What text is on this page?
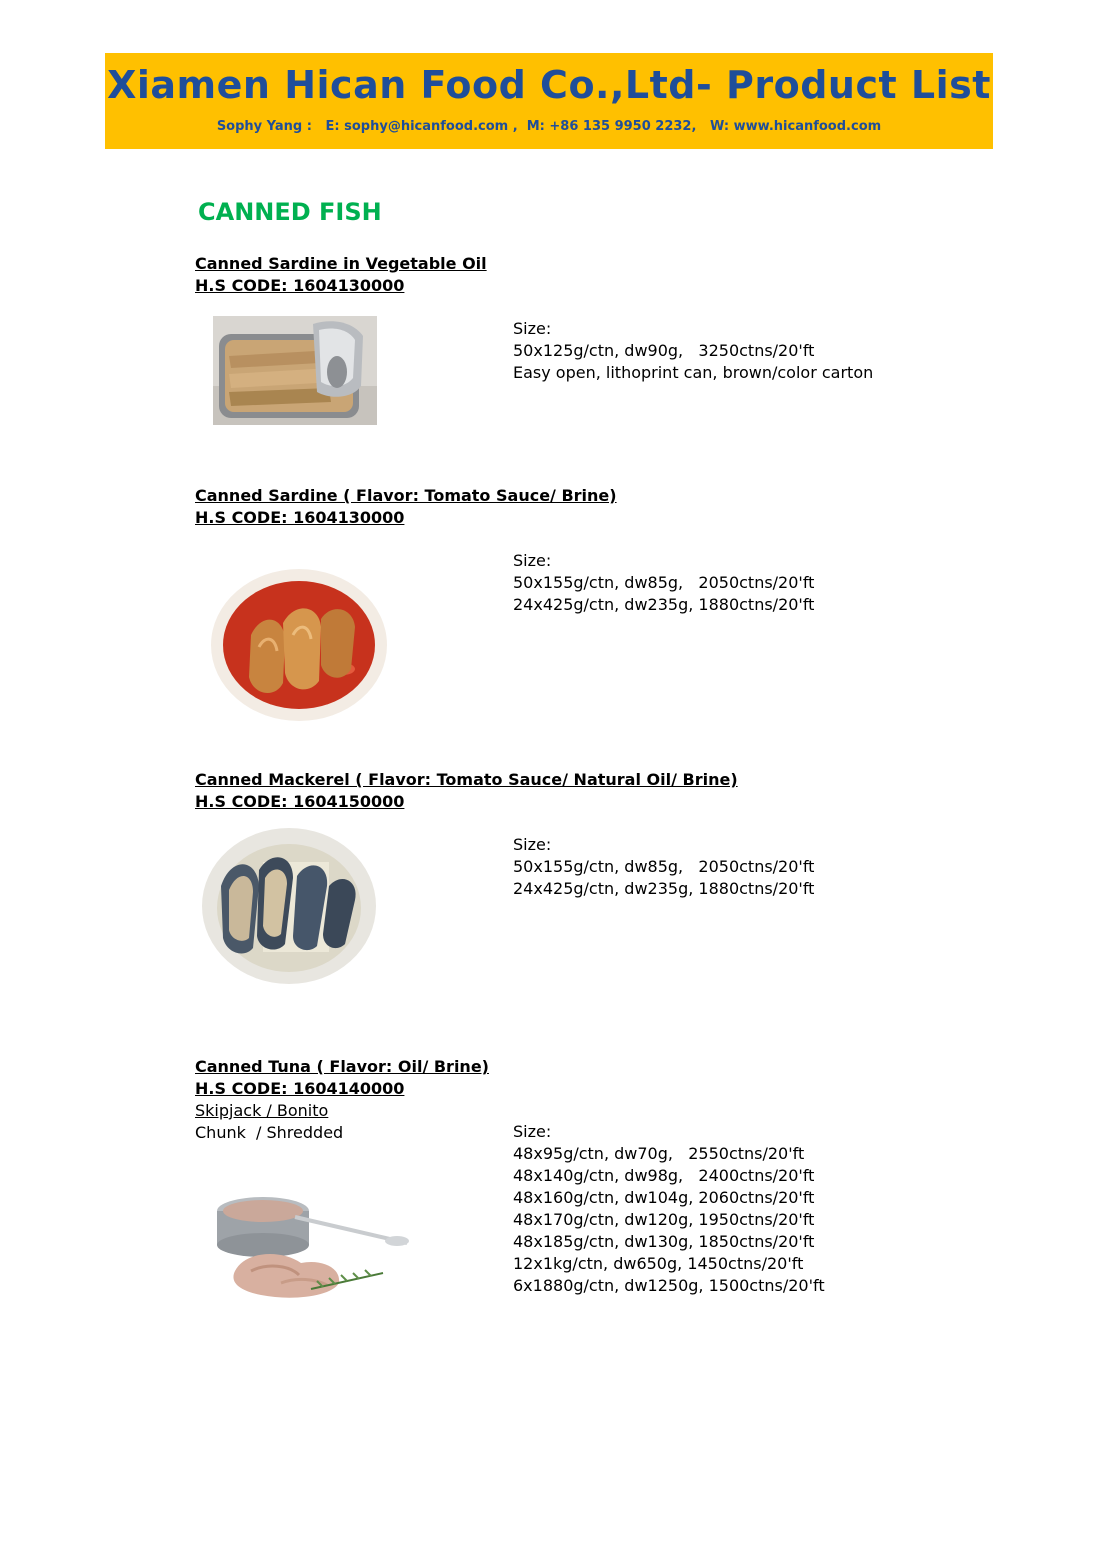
Xiamen Hican Food Co.,Ltd- Product List
Sophy Yang :   E: sophy@hicanfood.com ,  M: +86 135 9950 2232,   W: www.hicanfood.com
CANNED FISH
Canned Sardine in Vegetable Oil
H.S CODE: 1604130000
Size:
50x125g/ctn, dw90g,   3250ctns/20'ft
Easy open, lithoprint can, brown/color carton
Canned Sardine ( Flavor: Tomato Sauce/ Brine)
H.S CODE: 1604130000
Size:
50x155g/ctn, dw85g,   2050ctns/20'ft
24x425g/ctn, dw235g, 1880ctns/20'ft
Canned Mackerel ( Flavor: Tomato Sauce/ Natural Oil/ Brine)
H.S CODE: 1604150000
Size:
50x155g/ctn, dw85g,   2050ctns/20'ft
24x425g/ctn, dw235g, 1880ctns/20'ft
Canned Tuna ( Flavor: Oil/ Brine)
H.S CODE: 1604140000
Skipjack / Bonito
Chunk  / Shredded	Size:
48x95g/ctn, dw70g,   2550ctns/20'ft
48x140g/ctn, dw98g,   2400ctns/20'ft
48x160g/ctn, dw104g, 2060ctns/20'ft
48x170g/ctn, dw120g, 1950ctns/20'ft
48x185g/ctn, dw130g, 1850ctns/20'ft
12x1kg/ctn, dw650g, 1450ctns/20'ft
6x1880g/ctn, dw1250g, 1500ctns/20'ft
